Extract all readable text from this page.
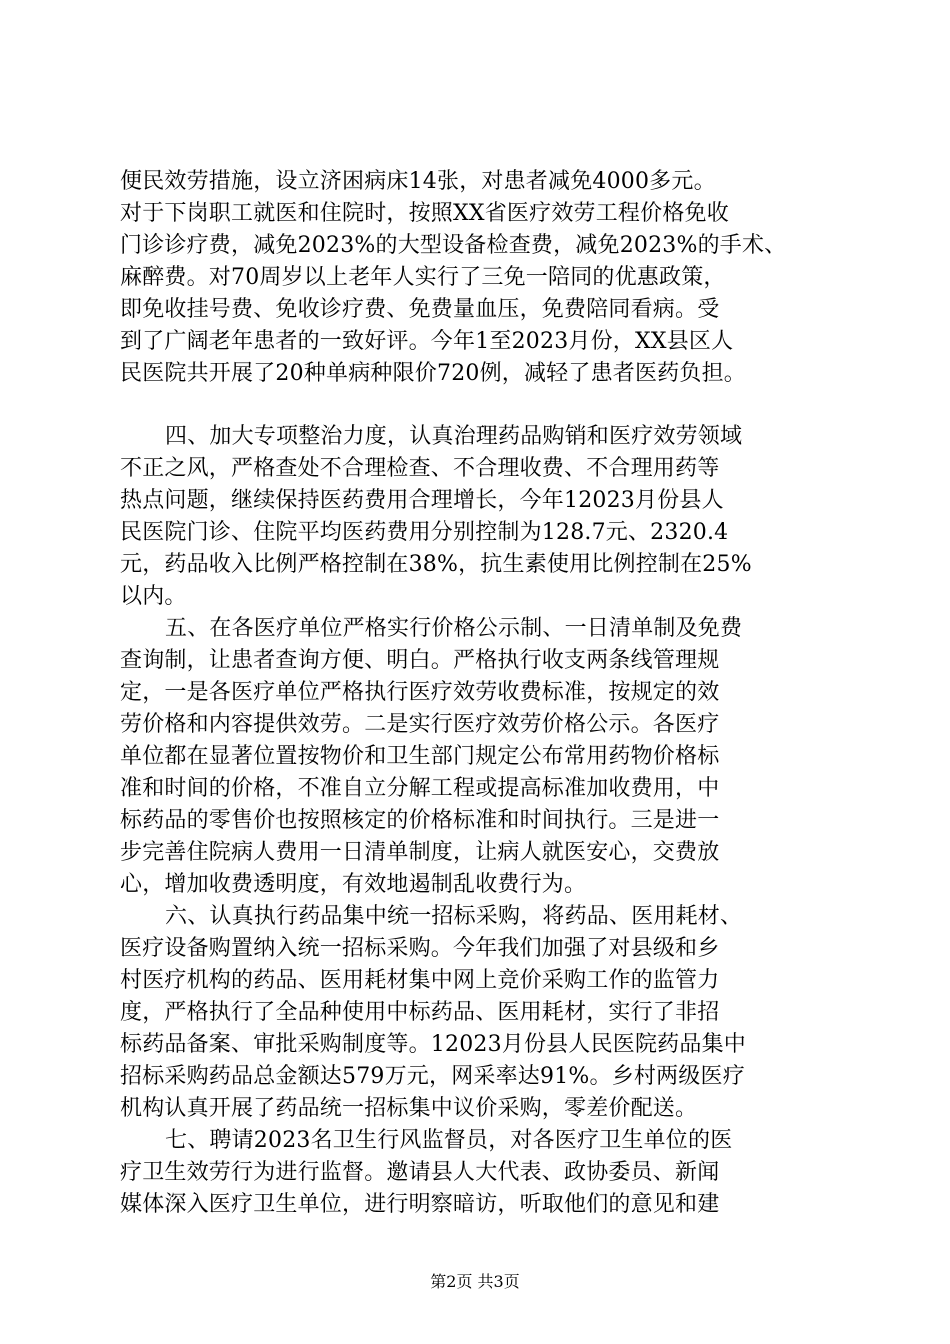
便民效劳措施，设立济困病床14张，对患者减免4000多元。
对于下岗职工就医和住院时，按照XX省医疗效劳工程价格免收
门诊诊疗费，减免2023%的大型设备检查费，减免2023%的手术、
麻醉费。对70周岁以上老年人实行了三免一陪同的优惠政策，
即免收挂号费、免收诊疗费、免费量血压，免费陪同看病。受
到了广阔老年患者的一致好评。今年1至2023月份，XX县区人
民医院共开展了20种单病种限价720例，减轻了患者医药负担。
四、加大专项整治力度，认真治理药品购销和医疗效劳领域
不正之风，严格查处不合理检查、不合理收费、不合理用药等
热点问题，继续保持医药费用合理增长，今年12023月份县人
民医院门诊、住院平均医药费用分别控制为128.7元、2320.4
元，药品收入比例严格控制在38%，抗生素使用比例控制在25%
以内。
五、在各医疗单位严格实行价格公示制、一日清单制及免费
查询制，让患者查询方便、明白。严格执行收支两条线管理规
定，一是各医疗单位严格执行医疗效劳收费标准，按规定的效
劳价格和内容提供效劳。二是实行医疗效劳价格公示。各医疗
单位都在显著位置按物价和卫生部门规定公布常用药物价格标
准和时间的价格，不准自立分解工程或提高标准加收费用，中
标药品的零售价也按照核定的价格标准和时间执行。三是进一
步完善住院病人费用一日清单制度，让病人就医安心，交费放
心，增加收费透明度，有效地遏制乱收费行为。
六、认真执行药品集中统一招标采购，将药品、医用耗材、
医疗设备购置纳入统一招标采购。今年我们加强了对县级和乡
村医疗机构的药品、医用耗材集中网上竞价采购工作的监管力
度，严格执行了全品种使用中标药品、医用耗材，实行了非招
标药品备案、审批采购制度等。12023月份县人民医院药品集中
招标采购药品总金额达579万元，网采率达91%。乡村两级医疗
机构认真开展了药品统一招标集中议价采购，零差价配送。
七、聘请2023名卫生行风监督员，对各医疗卫生单位的医
疗卫生效劳行为进行监督。邀请县人大代表、政协委员、新闻
媒体深入医疗卫生单位，进行明察暗访，听取他们的意见和建
第2页 共3页
